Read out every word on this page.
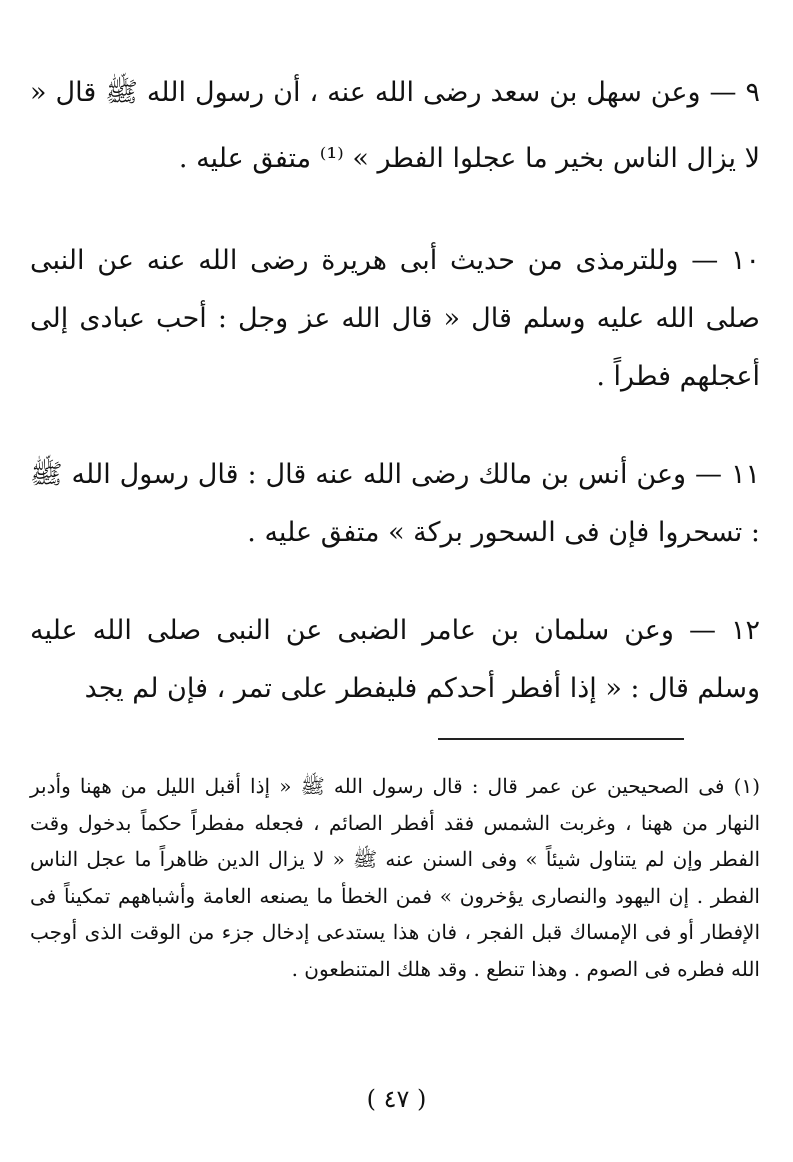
٩ — وعن سهل بن سعد رضى الله عنه ، أن رسول الله ﷺ قال « لا يزال الناس بخير ما عجلوا الفطر » ⁽¹⁾ متفق عليه .

١٠ — وللترمذى من حديث أبى هريرة رضى الله عنه عن النبى صلى الله عليه وسلم قال « قال الله عز وجل : أحب عبادى إلى أعجلهم فطراً .

١١ — وعن أنس بن مالك رضى الله عنه قال : قال رسول الله ﷺ : تسحروا فإن فى السحور بركة » متفق عليه .

١٢ — وعن سلمان بن عامر الضبى عن النبى صلى الله عليه وسلم قال : « إذا أفطر أحدكم فليفطر على تمر ، فإن لم يجد

(١) فى الصحيحين عن عمر قال : قال رسول الله ﷺ « إذا أقبل الليل من ههنا وأدبر النهار من ههنا ، وغربت الشمس فقد أفطر الصائم ، فجعله مفطراً حكماً بدخول وقت الفطر وإن لم يتناول شيئاً » وفى السنن عنه ﷺ « لا يزال الدين ظاهراً ما عجل الناس الفطر . إن اليهود والنصارى يؤخرون » فمن الخطأ ما يصنعه العامة وأشباههم تمكيناً فى الإفطار أو فى الإمساك قبل الفجر ، فان هذا يستدعى إدخال جزء من الوقت الذى أوجب الله فطره فى الصوم . وهذا تنطع . وقد هلك المتنطعون .
( ٤٧ )
